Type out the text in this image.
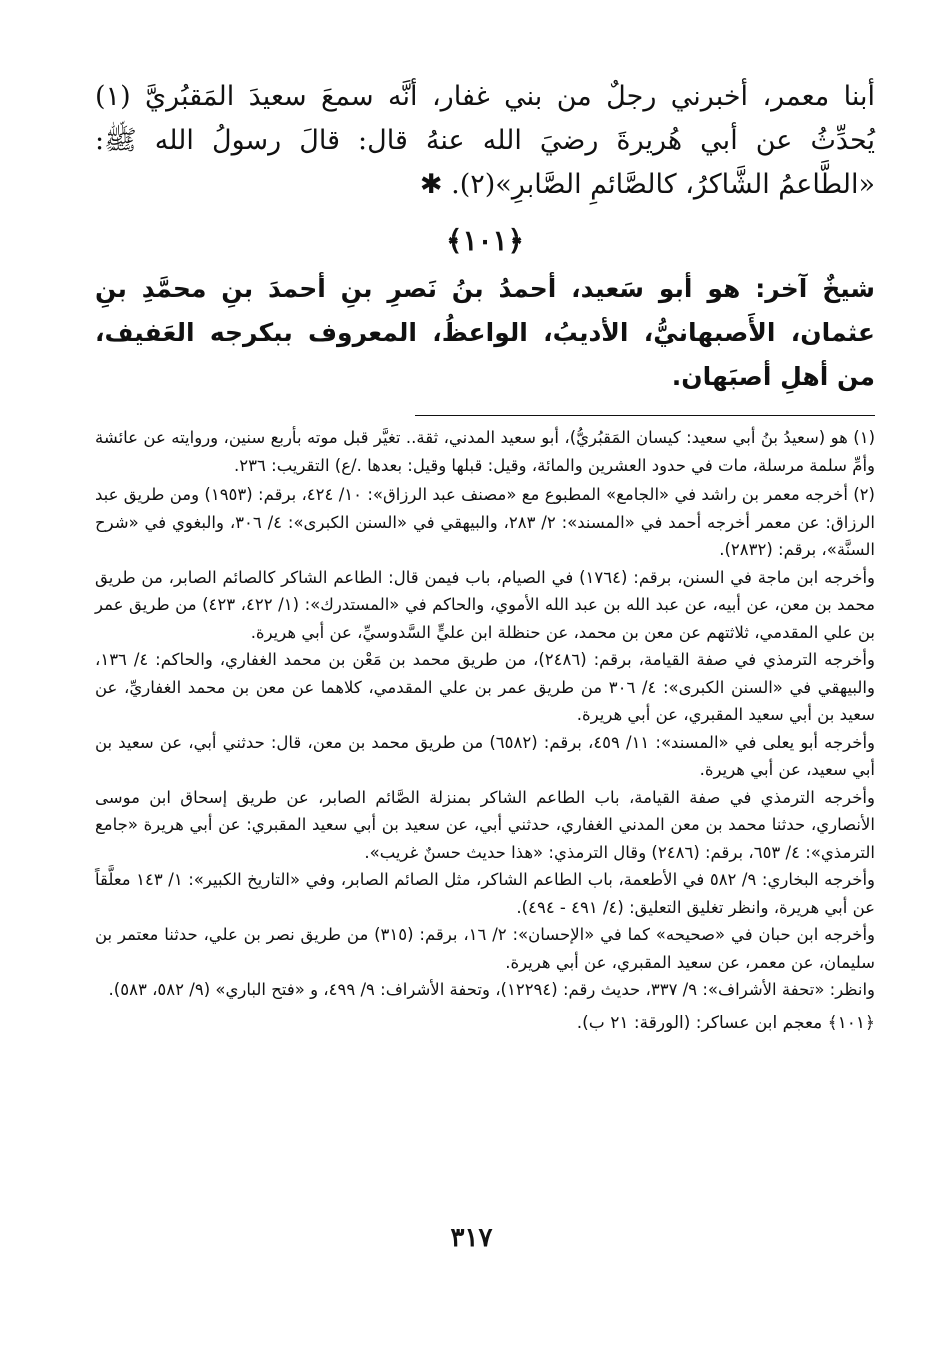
أبنا معمر، أخبرني رجلٌ من بني غفار، أنَّه سمعَ سعيدَ المَقبُريَّ (١) يُحدِّثُ عن أبي هُريرةَ رضيَ الله عنهُ قال: قالَ رسولُ الله ﷺ: «الطَّاعمُ الشَّاكرُ، كالصَّائمِ الصَّابرِ»(٢). ✱

﴿١٠١﴾

شيخٌ آخر: هو أبو سَعيد، أحمدُ بنُ نَصرِ بنِ أحمدَ بنِ محمَّدِ بنِ عثمان، الأَصبهانيُّ، الأديبُ، الواعظُ، المعروف ببكرجه العَفيف، من أهلِ أصبَهان.

(١) هو (سعيدُ بنُ أبي سعيد: كيسان المَقبُريُّ)، أبو سعيد المدني، ثقة.. تغيَّر قبل موته بأربع سنين، وروايته عن عائشة وأمِّ سلمة مرسلة، مات في حدود العشرين والمائة، وقيل: قبلها وقيل: بعدها ./ع) التقريب: ٢٣٦.

(٢) أخرجه معمر بن راشد في «الجامع» المطبوع مع «مصنف عبد الرزاق»: ١٠/ ٤٢٤، برقم: (١٩٥٣) ومن طريق عبد الرزاق: عن معمر أخرجه أحمد في «المسند»: ٢/ ٢٨٣، والبيهقي في «السنن الكبرى»: ٤/ ٣٠٦، والبغوي في «شرح السنَّة»، برقم: (٢٨٣٢).

وأخرجه ابن ماجة في السنن، برقم: (١٧٦٤) في الصيام، باب فيمن قال: الطاعم الشاكر كالصائم الصابر، من طريق محمد بن معن، عن أبيه، عن عبد الله بن عبد الله الأموي، والحاكم في «المستدرك»: (١/ ٤٢٢، ٤٢٣) من طريق عمر بن علي المقدمي، ثلاثتهم عن معن بن محمد، عن حنظلة ابن عليٍّ السَّدوسيِّ، عن أبي هريرة.

وأخرجه الترمذي في صفة القيامة، برقم: (٢٤٨٦)، من طريق محمد بن مَعْن بن محمد الغفاري، والحاكم: ٤/ ١٣٦، والبيهقي في «السنن الكبرى»: ٤/ ٣٠٦ من طريق عمر بن علي المقدمي، كلاهما عن معن بن محمد الغفاريِّ، عن سعيد بن أبي سعيد المقبري، عن أبي هريرة.

وأخرجه أبو يعلى في «المسند»: ١١/ ٤٥٩، برقم: (٦٥٨٢) من طريق محمد بن معن، قال: حدثني أبي، عن سعيد بن أبي سعيد، عن أبي هريرة.

وأخرجه الترمذي في صفة القيامة، باب الطاعم الشاكر بمنزلة الصَّائم الصابر، عن طريق إسحاق ابن موسى الأنصاري، حدثنا محمد بن معن المدني الغفاري، حدثني أبي، عن سعيد بن أبي سعيد المقبري: عن أبي هريرة «جامع الترمذي»: ٤/ ٦٥٣، برقم: (٢٤٨٦) وقال الترمذي: «هذا حديث حسنٌ غريب».

وأخرجه البخاري: ٩/ ٥٨٢ في الأطعمة، باب الطاعم الشاكر، مثل الصائم الصابر، وفي «التاريخ الكبير»: ١/ ١٤٣ معلَّقاً عن أبي هريرة، وانظر تغليق التعليق: (٤/ ٤٩١ - ٤٩٤).

وأخرجه ابن حبان في «صحيحه» كما في «الإحسان»: ٢/ ١٦، برقم: (٣١٥) من طريق نصر بن علي، حدثنا معتمر بن سليمان، عن معمر، عن سعيد المقبري، عن أبي هريرة.

وانظر: «تحفة الأشراف»: ٩/ ٣٣٧، حديث رقم: (١٢٢٩٤)، وتحفة الأشراف: ٩/ ٤٩٩، و «فتح الباري» (٩/ ٥٨٢، ٥٨٣).

﴿١٠١﴾ معجم ابن عساكر: (الورقة: ٢١ ب).

٣١٧
